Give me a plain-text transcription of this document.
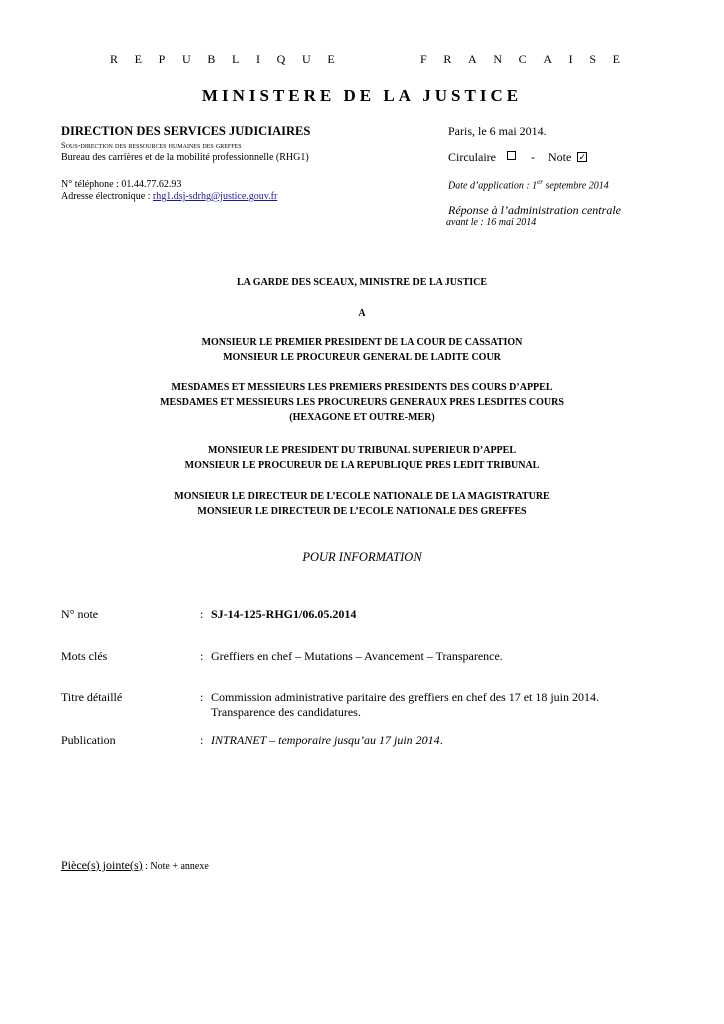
R E P U B L I Q U E	F R A N C A I S E
MINISTERE DE LA JUSTICE
DIRECTION DES SERVICES JUDICIAIRES
Sous-direction des ressources humaines des greffes
Bureau des carrières et de la mobilité professionnelle (RHG1)
N° téléphone : 01.44.77.62.93
Adresse électronique : rhg1.dsj-sdrhg@justice.gouv.fr
Paris, le 6 mai 2014.
Circulaire	- Note ✓
Date d’application : 1er septembre 2014
Réponse à l’administration centrale
avant le : 16 mai 2014
LA GARDE DES SCEAUX, MINISTRE DE LA JUSTICE
A
MONSIEUR LE PREMIER PRESIDENT DE LA COUR DE CASSATION
MONSIEUR LE PROCUREUR GENERAL DE LADITE COUR
MESDAMES ET MESSIEURS LES PREMIERS PRESIDENTS DES COURS D’APPEL
MESDAMES ET MESSIEURS LES PROCUREURS GENERAUX PRES LESDITES COURS
(HEXAGONE ET OUTRE-MER)
MONSIEUR LE PRESIDENT DU TRIBUNAL SUPERIEUR D’APPEL
MONSIEUR LE PROCUREUR DE LA REPUBLIQUE PRES LEDIT TRIBUNAL
MONSIEUR LE DIRECTEUR DE L’ECOLE NATIONALE DE LA MAGISTRATURE
MONSIEUR LE DIRECTEUR DE L’ECOLE NATIONALE DES GREFFES
POUR INFORMATION
N° note	: SJ-14-125-RHG1/06.05.2014
Mots clés	: Greffiers en chef – Mutations – Avancement – Transparence.
Titre détaillé	: Commission administrative paritaire des greffiers en chef des 17 et 18 juin 2014.
Transparence des candidatures.
Publication	: INTRANET – temporaire jusqu’au 17 juin 2014.
Pièce(s) jointe(s) : Note + annexe
